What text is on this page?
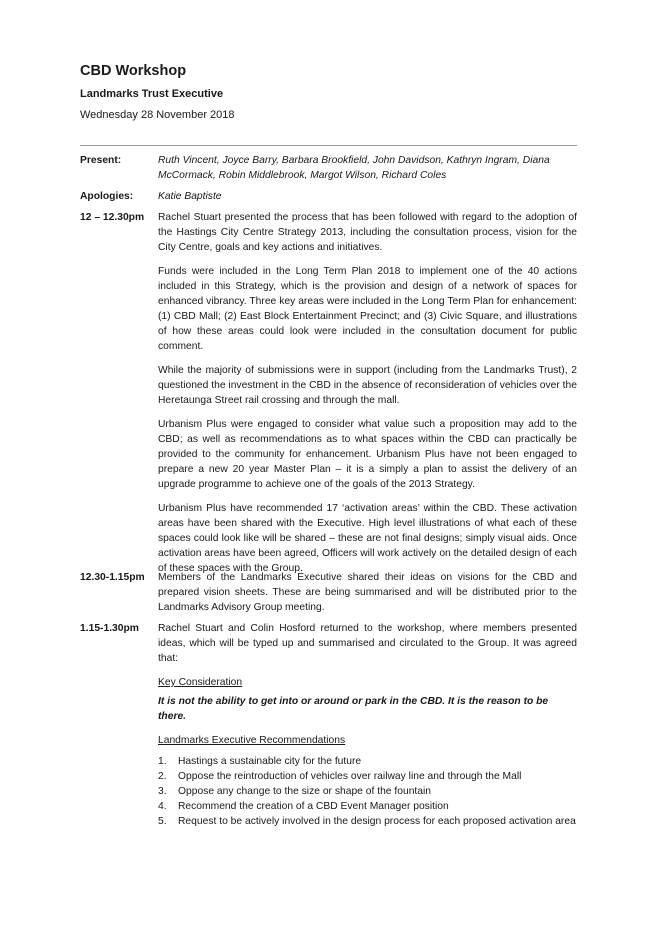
CBD Workshop
Landmarks Trust Executive
Wednesday 28 November 2018
Present:	Ruth Vincent, Joyce Barry, Barbara Brookfield, John Davidson, Kathryn Ingram, Diana McCormack, Robin Middlebrook, Margot Wilson, Richard Coles
Apologies: Katie Baptiste
12 – 12.30pm Rachel Stuart presented the process that has been followed with regard to the adoption of the Hastings City Centre Strategy 2013, including the consultation process, vision for the City Centre, goals and key actions and initiatives.

Funds were included in the Long Term Plan 2018 to implement one of the 40 actions included in this Strategy, which is the provision and design of a network of spaces for enhanced vibrancy. Three key areas were included in the Long Term Plan for enhancement: (1) CBD Mall; (2) East Block Entertainment Precinct; and (3) Civic Square, and illustrations of how these areas could look were included in the consultation document for public comment.

While the majority of submissions were in support (including from the Landmarks Trust), 2 questioned the investment in the CBD in the absence of reconsideration of vehicles over the Heretaunga Street rail crossing and through the mall.

Urbanism Plus were engaged to consider what value such a proposition may add to the CBD; as well as recommendations as to what spaces within the CBD can practically be provided to the community for enhancement. Urbanism Plus have not been engaged to prepare a new 20 year Master Plan – it is a simply a plan to assist the delivery of an upgrade programme to achieve one of the goals of the 2013 Strategy.

Urbanism Plus have recommended 17 ‘activation areas’ within the CBD. These activation areas have been shared with the Executive. High level illustrations of what each of these spaces could look like will be shared – these are not final designs; simply visual aids. Once activation areas have been agreed, Officers will work actively on the detailed design of each of these spaces with the Group.

12.30-1.15pm Members of the Landmarks Executive shared their ideas on visions for the CBD and prepared vision sheets. These are being summarised and will be distributed prior to the Landmarks Advisory Group meeting.

1.15-1.30pm Rachel Stuart and Colin Hosford returned to the workshop, where members presented ideas, which will be typed up and summarised and circulated to the Group. It was agreed that:

Key Consideration

It is not the ability to get into or around or park in the CBD. It is the reason to be there.

Landmarks Executive Recommendations

1. Hastings a sustainable city for the future
2. Oppose the reintroduction of vehicles over railway line and through the Mall
3. Oppose any change to the size or shape of the fountain
4. Recommend the creation of a CBD Event Manager position
5. Request to be actively involved in the design process for each proposed activation area
